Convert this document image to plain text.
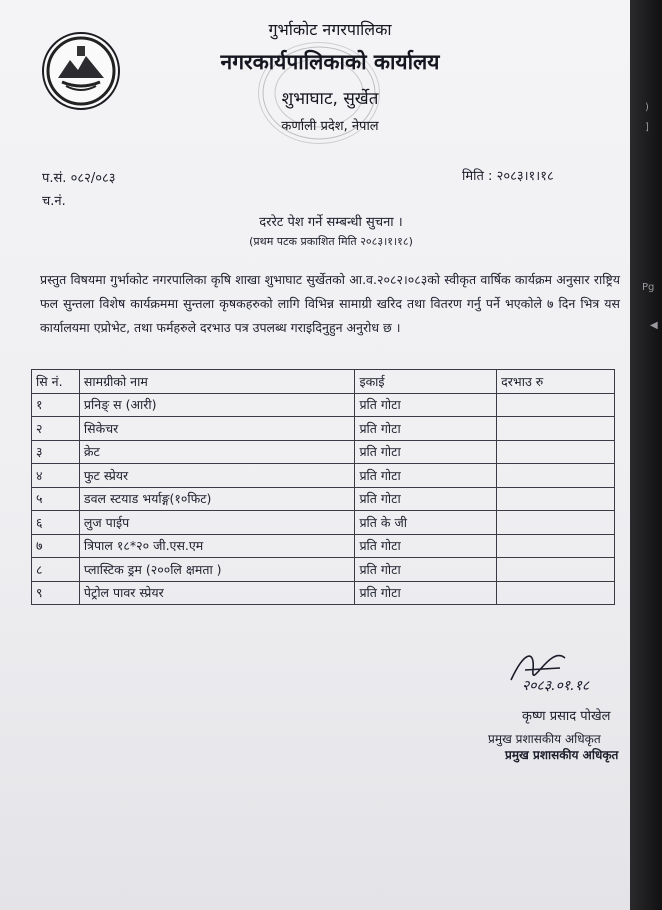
)
]
Pg
◀
गुर्भाकोट नगरपालिका
नगरकार्यपालिकाको कार्यालय
शुभाघाट, सुर्खेत
कर्णाली प्रदेश, नेपाल
प.सं. ०८२/०८३
च.नं.
मिति : २०८३।१।१८
दररेट पेश गर्ने सम्बन्धी सुचना ।
(प्रथम पटक प्रकाशित मिति २०८३।१।१८)
प्रस्तुत विषयमा गुर्भाकोट नगरपालिका कृषि शाखा शुभाघाट सुर्खेतको आ.व.२०८२।०८३को स्वीकृत वार्षिक कार्यक्रम अनुसार राष्ट्रिय फल सुन्तला विशेष कार्यक्रममा सुन्तला कृषकहरुको लागि विभिन्न सामाग्री खरिद तथा वितरण गर्नु पर्ने भएकोले ७ दिन भित्र यस कार्यालयमा एप्रोभेट, तथा फर्महरुले दरभाउ पत्र उपलब्ध गराइदिनुहुन अनुरोध छ ।
सि नं.	सामग्रीको नाम	इकाई	दरभाउ रु
१	प्रनिङ् स (आरी)	प्रति गोटा	
२	सिकेचर	प्रति गोटा	
३	क्रेट	प्रति गोटा	
४	फुट स्प्रेयर	प्रति गोटा	
५	डवल स्टयाड भर्याङ्ग(१०फिट)	प्रति गोटा	
६	लुज पाईप	प्रति के जी	
७	त्रिपाल १८*२० जी.एस.एम	प्रति गोटा	
८	प्लास्टिक ड्रम (२००लि क्षमता )	प्रति गोटा	
९	पेट्रोल पावर स्प्रेयर	प्रति गोटा	
२०८३.०१.१८
कृष्ण प्रसाद पोखेल
प्रमुख प्रशासकीय अधिकृत
प्रमुख प्रशासकीय अधिकृत
